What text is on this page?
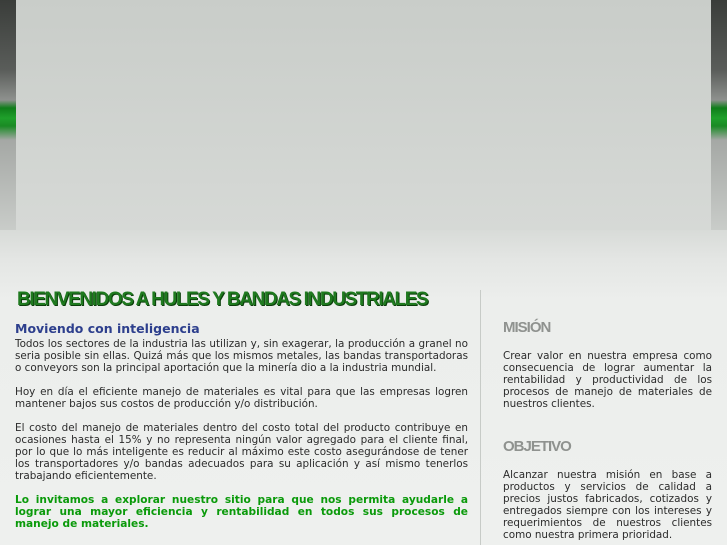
BIENVENIDOS A HULES Y BANDAS INDUSTRIALES
Moviendo con inteligencia

Todos los sectores de la industria las utilizan y, sin exagerar, la producción a granel no seria posible sin ellas. Quizá más que los mismos metales, las bandas transportadoras o conveyors son la principal aportación que la minería dio a la industria mundial.

Hoy en día el eficiente manejo de materiales es vital para que las empresas logren mantener bajos sus costos de producción y/o distribución.

El costo del manejo de materiales dentro del costo total del producto contribuye en ocasiones hasta el 15% y no representa ningún valor agregado para el cliente final, por lo que lo más inteligente es reducir al máximo este costo asegurándose de tener los transportadores y/o bandas adecuados para su aplicación y así mismo tenerlos trabajando eficientemente.

Lo invitamos a explorar nuestro sitio para que nos permita ayudarle a lograr una mayor eficiencia y rentabilidad en todos sus procesos de manejo de materiales.

MISIÓN

Crear valor en nuestra empresa como consecuencia de lograr aumentar la rentabilidad y productividad de los procesos de manejo de materiales de nuestros clientes.

OBJETIVO

Alcanzar nuestra misión en base a productos y servicios de calidad a precios justos fabricados, cotizados y entregados siempre con los intereses y requerimientos de nuestros clientes como nuestra primera prioridad.
